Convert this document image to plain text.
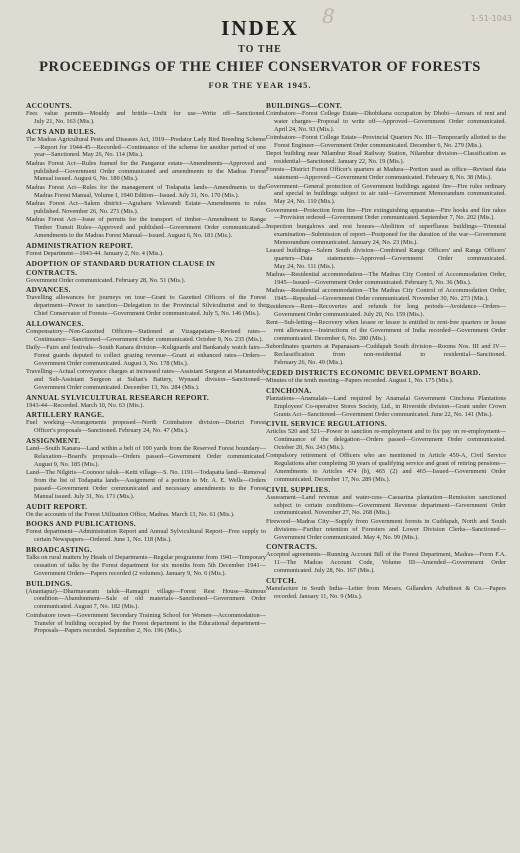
8	1-51-1043
INDEX
TO THE
PROCEEDINGS OF THE CHIEF CONSERVATOR OF FORESTS
FOR THE YEAR 1945.
ACCOUNTS.
Fees value permits—Mouldy and brittle—Unfit for use—Write off—Sanctioned. July 21, No. 163 (Mis.).
ACTS AND RULES.
The Madras Agricultural Pests and Diseases Act, 1919—Predator Lady Bird Breeding Scheme—Report for 1944-45—Recorded—Continuance of the scheme for another period of one year—Sanctioned. May 26, No. 114 (Mis.).
Madras Forest Act—Rules framed for the Panganur estate—Amendments—Approved and published—Government Order communicated and amendments to the Madras Forest Manual issued. August 6, No. 180 (Mis.).
Madras Forest Act—Rules for the management of Todapatta lands—Amendments to the Madras Forest Manual, Volume I, 1940 Edition—Issued. July 31, No. 170 (Mis.).
Madras Forest Act—Salem district—Agraharu Velavandi Estate—Amendments to rules published. November 26, No. 271 (Mis.).
Madras Forest Act—Issue of permits for the transport of timber—Amendment to Range Timber Transit Rules—Approved and published—Government Order communicated—Amendments to the Madras Forest Manual—Issued. August 6, No. 181 (Mis.).
ADMINISTRATION REPORT.
Forest Department—1943-44. January 2, No. 4 (Mis.).
ADOPTION OF STANDARD DURATION CLAUSE IN CONTRACTS.
Government Order communicated. February 28, No. 51 (Mis.).
ADVANCES.
Travelling allowances for journeys on tour—Grant to Gazetted Officers of the Forest department—Power to sanction—Delegation to the Provincial Silviculturist and to the Chief Conservator of Forests—Government Order communicated. July 5, No. 146 (Mis.).
ALLOWANCES.
Compensatory—Non-Gazetted Officers—Stationed at Vizagapatam—Revised rates—Continuance—Sanctioned—Government Order communicated. October 9, No. 235 (Mis.).
Daily—Fairs and festivals—South Kanara division—Kuliguards and Bankanaly watch fairs—Forest guards deputed to collect grazing revenue—Grant at enhanced rates—Orders—Government Order communicated. August 3, No. 178 (Mis.).
Travelling—Actual conveyance charges at increased rates—Assistant Surgeon at Manantoddy and Sub-Assistant Surgeon at Sultan's Battery, Wynaad division—Sanctioned—Government Order communicated. December 13, No. 284 (Mis.).
ANNUAL SYLVICULTURAL RESEARCH REPORT.
1943-44—Recorded. March 10, No. 63 (Mis.).
ARTILLERY RANGE.
Fuel working—Arrangements proposed—North Coimbatore division—District Forest Officer's proposals—Sanctioned. February 24, No. 47 (Mis.).
ASSIGNMENT.
Land—South Kanara—Land within a belt of 100 yards from the Reserved Forest boundary—Relaxation—Board's proposals—Orders passed—Government Order communicated. August 9, No. 185 (Mis.).
Land—The Nilgiris—Coonoor taluk—Ketti village—S. No. 1191—Todapatta land—Removal from the list of Todapatta lands—Assignment of a portion to Mr. A. E. Wells—Orders passed—Government Order communicated and necessary amendments to the Forest Manual issued. July 31, No. 171 (Mis.).
AUDIT REPORT.
On the accounts of the Forest Utilization Office, Madras. March 13, No. 61 (Mis.).
BOOKS AND PUBLICATIONS.
Forest department—Administration Report and Annual Sylvicultural Report—Free supply to certain Newspapers—Ordered. June 1, No. 118 (Mis.).
BROADCASTING.
Talks on rural matters by Heads of Departments—Regular programme from 1941—Temporary cessation of talks by the Forest department for six months from 5th December 1941—Government Orders—Papers recorded (2 volumes). January 9, No. 6 (Mis.).
BUILDINGS.
(Anantapur)—Dharmavaram taluk—Ramagiri village—Forest Rest House—Ruinous condition—Abandonment—Sale of old materials—Sanctioned—Government Order communicated. August 7, No. 182 (Mis.).
Coimbatore town—Government Secondary Training School for Women—Accommodation—Transfer of building occupied by the Forest department to the Educational department—Proposals—Papers recorded. September 2, No. 196 (Mis.).
BUILDINGS—CONT.
Coimbatore—Forest College Estate—Dhobikana occupation by Dhobi—Arrears of rent and water charges—Proposal to write off—Approved—Government Order communicated. April 24, No. 93 (Mis.).
Coimbatore—Forest College Estate—Provincial Quarters No. III—Temporarily allotted to the Forest Engineer—Government Order communicated. December 6, No. 279 (Mis.).
Depot building near Nilambur Road Railway Station, Nilambur division—Classification as residential—Sanctioned. January 22, No. 19 (Mis.).
Forests—District Forest Officer's quarters at Madura—Portion used as office—Revised data statement—Approved—Government Order communicated. February 8, No. 38 (Mis.).
Government—General protection of Government buildings against fire—Fire rules ordinary and special to buildings subject to air raid—Government Memorandum communicated. May 24, No. 110 (Mis.).
Government—Protection from fire—Fire extinguishing apparatus—Fire hooks and fire rakes—Provision ordered—Government Order communicated. September 7, No. 202 (Mis.).
Inspection bungalows and rest houses—Abolition of superfluous buildings—Triennial examination—Submission of report—Postponed for the duration of the war—Government Memorandum communicated. January 24, No. 23 (Mis.).
Leased buildings—Salem South division—Combined Range Officers' and Range Officers' quarters—Data statements—Approved—Government Order communicated. May 24, No. 111 (Mis.).
Madras—Residential accommodation—The Madras City Control of Accommodation Order, 1945—Issued—Government Order communicated. February 5, No. 36 (Mis.).
Madras—Residential accommodation—The Madras City Control of Accommodation Order, 1945—Repealed—Government Order communicated. November 30, No. 273 (Mis.).
Residences—Rent—Recoveries and refunds for long periods—Avoidance—Orders—Government Order communicated. July 20, No. 159 (Mis.).
Rent—Sub-letting—Recovery when lessee or lessor is entitled to rent-free quarters or house rent allowance—Instructions of the Government of India recorded—Government Order communicated. December 6, No. 280 (Mis.).
Subordinates quarters at Papanasam—Cuddapah South division—Rooms Nos. III and IV—Reclassification from non-residential to residential—Sanctioned. February 26, No. 49 (Mis.).
CEDED DISTRICTS ECONOMIC DEVELOPMENT BOARD.
Minutes of the tenth meeting—Papers recorded. August 1, No. 175 (Mis.).
CINCHONA.
Plantations—Anamalais—Land required by Anamalai Government Cinchona Plantations Employees' Co-operative Stores Society, Ltd., in Riverside division—Grant under Crown Grants Act—Sanctioned—Government Order communicated. June 22, No. 141 (Mis.).
CIVIL SERVICE REGULATIONS.
Articles 520 and 521—Power to sanction re-employment and to fix pay on re-employment—Continuance of the delegation—Orders passed—Government Order communicated. October 20, No. 243 (Mis.).
Compulsory retirement of Officers who are mentioned in Article 459-A, Civil Service Regulations after completing 30 years of qualifying service and grant of retiring pensions—Amendments to Articles 474 (b), 465 (2) and 465—Issued—Government Order communicated. December 17, No. 289 (Mis.).
CIVIL SUPPLIES.
Assessment—Land revenue and water-cess—Casuarina plantation—Remission sanctioned subject to certain conditions—Government Revenue department—Government Order communicated. November 27, No. 268 (Mis.).
Firewood—Madras City—Supply from Government forests in Cuddapah, North and South divisions—Further retention of Foresters and Lower Division Clerks—Sanctioned—Government Order communicated. May 4, No. 99 (Mis.).
CONTRACTS.
Accepted agreements—Running Account Bill of the Forest Department, Madras—Form F.A. 11—The Madras Account Code, Volume III—Amended—Government Order communicated. July 28, No. 167 (Mis.).
CUTCH.
Manufacture in South India—Letter from Messrs. Gillanders Arbuthnot & Co.—Papers recorded. January 11, No. 9 (Mis.).
